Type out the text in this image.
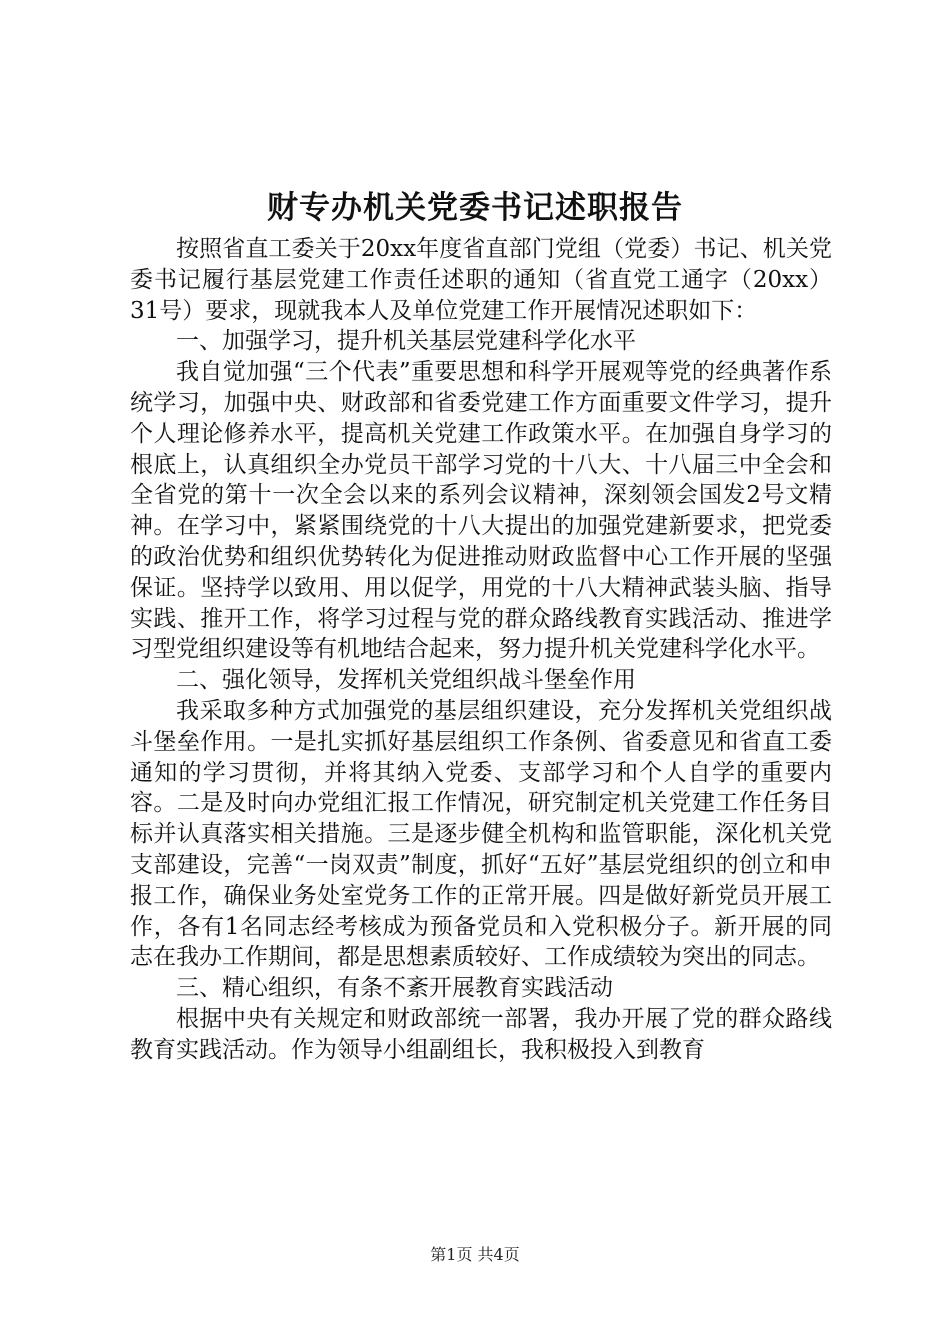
财专办机关党委书记述职报告

按照省直工委关于20xx年度省直部门党组（党委）书记、机关党委书记履行基层党建工作责任述职的通知（省直党工通字（20xx）31号）要求，现就我本人及单位党建工作开展情况述职如下：

一、加强学习，提升机关基层党建科学化水平

我自觉加强“三个代表”重要思想和科学开展观等党的经典著作系统学习，加强中央、财政部和省委党建工作方面重要文件学习，提升个人理论修养水平，提高机关党建工作政策水平。在加强自身学习的根底上，认真组织全办党员干部学习党的十八大、十八届三中全会和全省党的第十一次全会以来的系列会议精神，深刻领会国发2号文精神。在学习中，紧紧围绕党的十八大提出的加强党建新要求，把党委的政治优势和组织优势转化为促进推动财政监督中心工作开展的坚强保证。坚持学以致用、用以促学，用党的十八大精神武装头脑、指导实践、推开工作，将学习过程与党的群众路线教育实践活动、推进学习型党组织建设等有机地结合起来，努力提升机关党建科学化水平。

二、强化领导，发挥机关党组织战斗堡垒作用

我采取多种方式加强党的基层组织建设，充分发挥机关党组织战斗堡垒作用。一是扎实抓好基层组织工作条例、省委意见和省直工委通知的学习贯彻，并将其纳入党委、支部学习和个人自学的重要内容。二是及时向办党组汇报工作情况，研究制定机关党建工作任务目标并认真落实相关措施。三是逐步健全机构和监管职能，深化机关党支部建设，完善“一岗双责”制度，抓好“五好”基层党组织的创立和申报工作，确保业务处室党务工作的正常开展。四是做好新党员开展工作，各有1名同志经考核成为预备党员和入党积极分子。新开展的同志在我办工作期间，都是思想素质较好、工作成绩较为突出的同志。

三、精心组织，有条不紊开展教育实践活动

根据中央有关规定和财政部统一部署，我办开展了党的群众路线教育实践活动。作为领导小组副组长，我积极投入到教育

第1页 共4页
